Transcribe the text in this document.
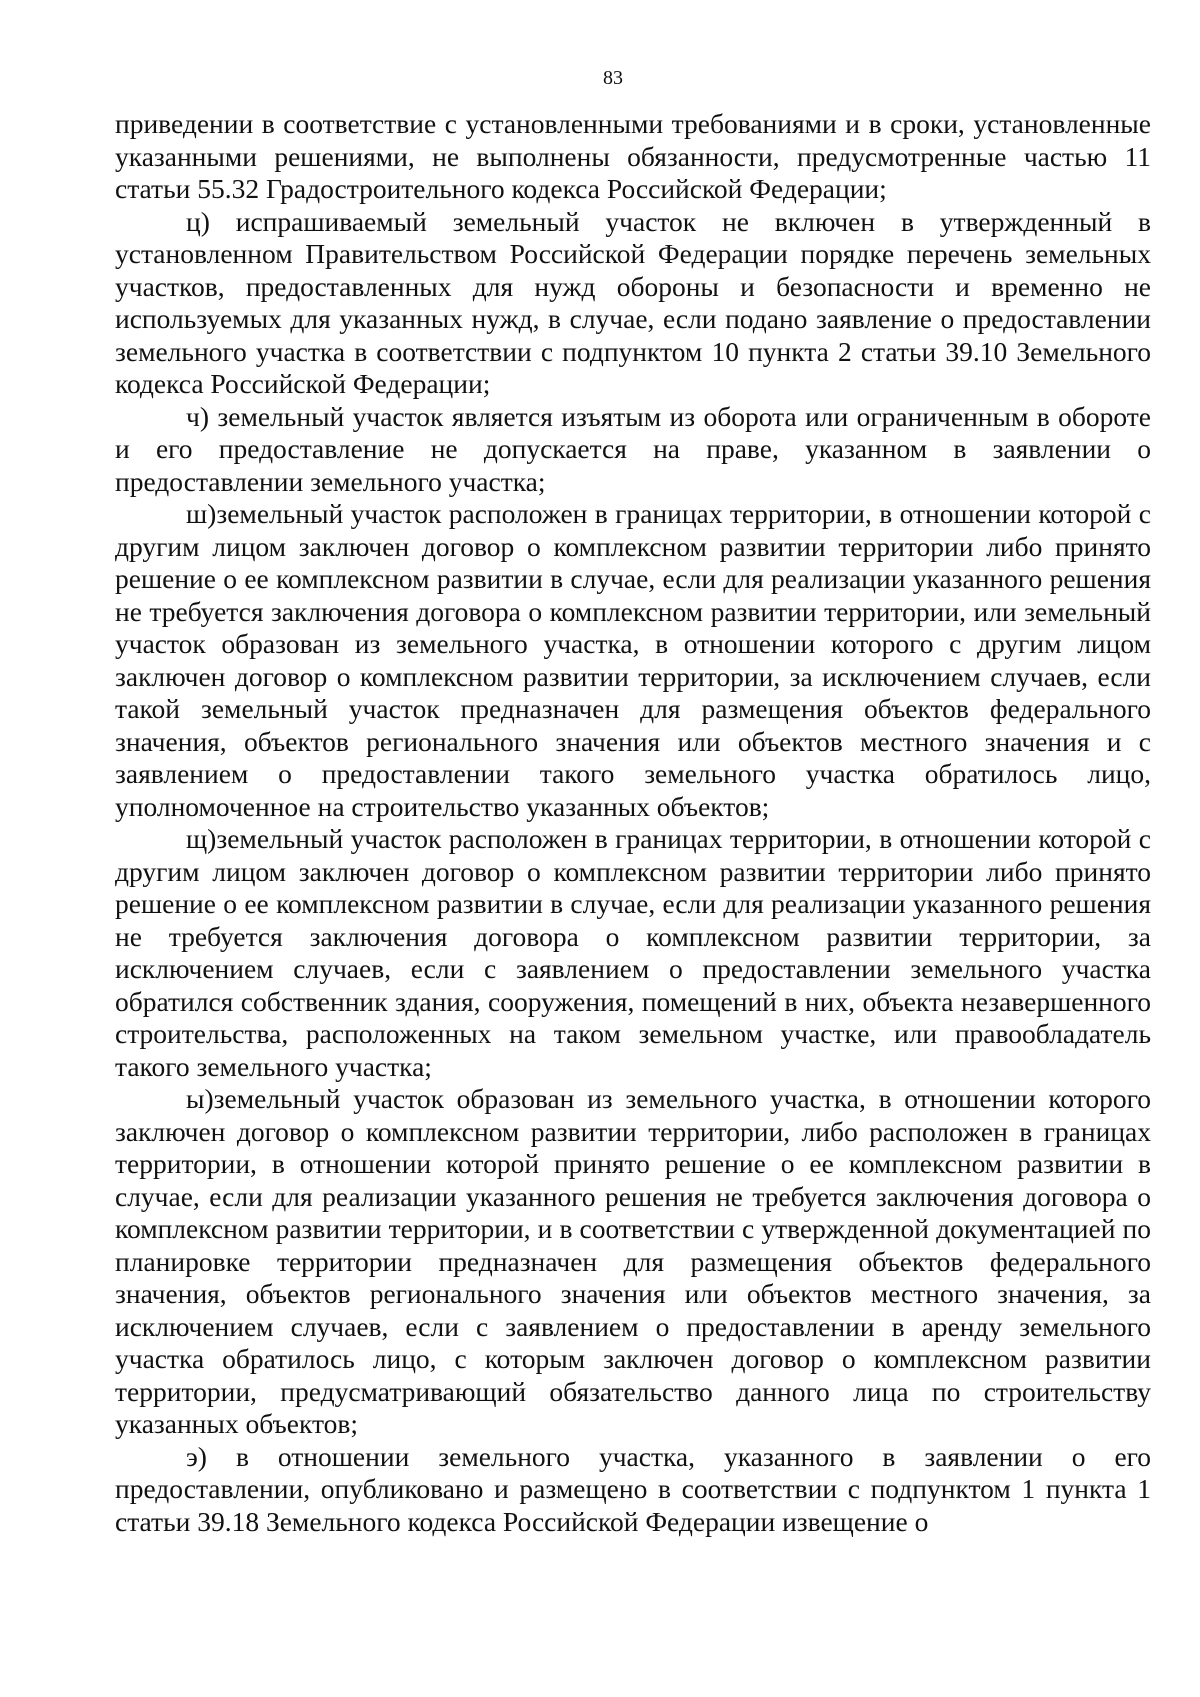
83

приведении в соответствие с установленными требованиями и в сроки, установленные указанными решениями, не выполнены обязанности, предусмотренные частью 11 статьи 55.32 Градостроительного кодекса Российской Федерации;

ц) испрашиваемый земельный участок не включен в утвержденный в установленном Правительством Российской Федерации порядке перечень земельных участков, предоставленных для нужд обороны и безопасности и временно не используемых для указанных нужд, в случае, если подано заявление о предоставлении земельного участка в соответствии с подпунктом 10 пункта 2 статьи 39.10 Земельного кодекса Российской Федерации;

ч) земельный участок является изъятым из оборота или ограниченным в обороте и его предоставление не допускается на праве, указанном в заявлении о предоставлении земельного участка;

ш)земельный участок расположен в границах территории, в отношении которой с другим лицом заключен договор о комплексном развитии территории либо принято решение о ее комплексном развитии в случае, если для реализации указанного решения не требуется заключения договора о комплексном развитии территории, или земельный участок образован из земельного участка, в отношении которого с другим лицом заключен договор о комплексном развитии территории, за исключением случаев, если такой земельный участок предназначен для размещения объектов федерального значения, объектов регионального значения или объектов местного значения и с заявлением о предоставлении такого земельного участка обратилось лицо, уполномоченное на строительство указанных объектов;

щ)земельный участок расположен в границах территории, в отношении которой с другим лицом заключен договор о комплексном развитии территории либо принято решение о ее комплексном развитии в случае, если для реализации указанного решения не требуется заключения договора о комплексном развитии территории, за исключением случаев, если с заявлением о предоставлении земельного участка обратился собственник здания, сооружения, помещений в них, объекта незавершенного строительства, расположенных на таком земельном участке, или правообладатель такого земельного участка;

ы)земельный участок образован из земельного участка, в отношении которого заключен договор о комплексном развитии территории, либо расположен в границах территории, в отношении которой принято решение о ее комплексном развитии в случае, если для реализации указанного решения не требуется заключения договора о комплексном развитии территории, и в соответствии с утвержденной документацией по планировке территории предназначен для размещения объектов федерального значения, объектов регионального значения или объектов местного значения, за исключением случаев, если с заявлением о предоставлении в аренду земельного участка обратилось лицо, с которым заключен договор о комплексном развитии территории, предусматривающий обязательство данного лица по строительству указанных объектов;

э) в отношении земельного участка, указанного в заявлении о его предоставлении, опубликовано и размещено в соответствии с подпунктом 1 пункта 1 статьи 39.18 Земельного кодекса Российской Федерации извещение о
